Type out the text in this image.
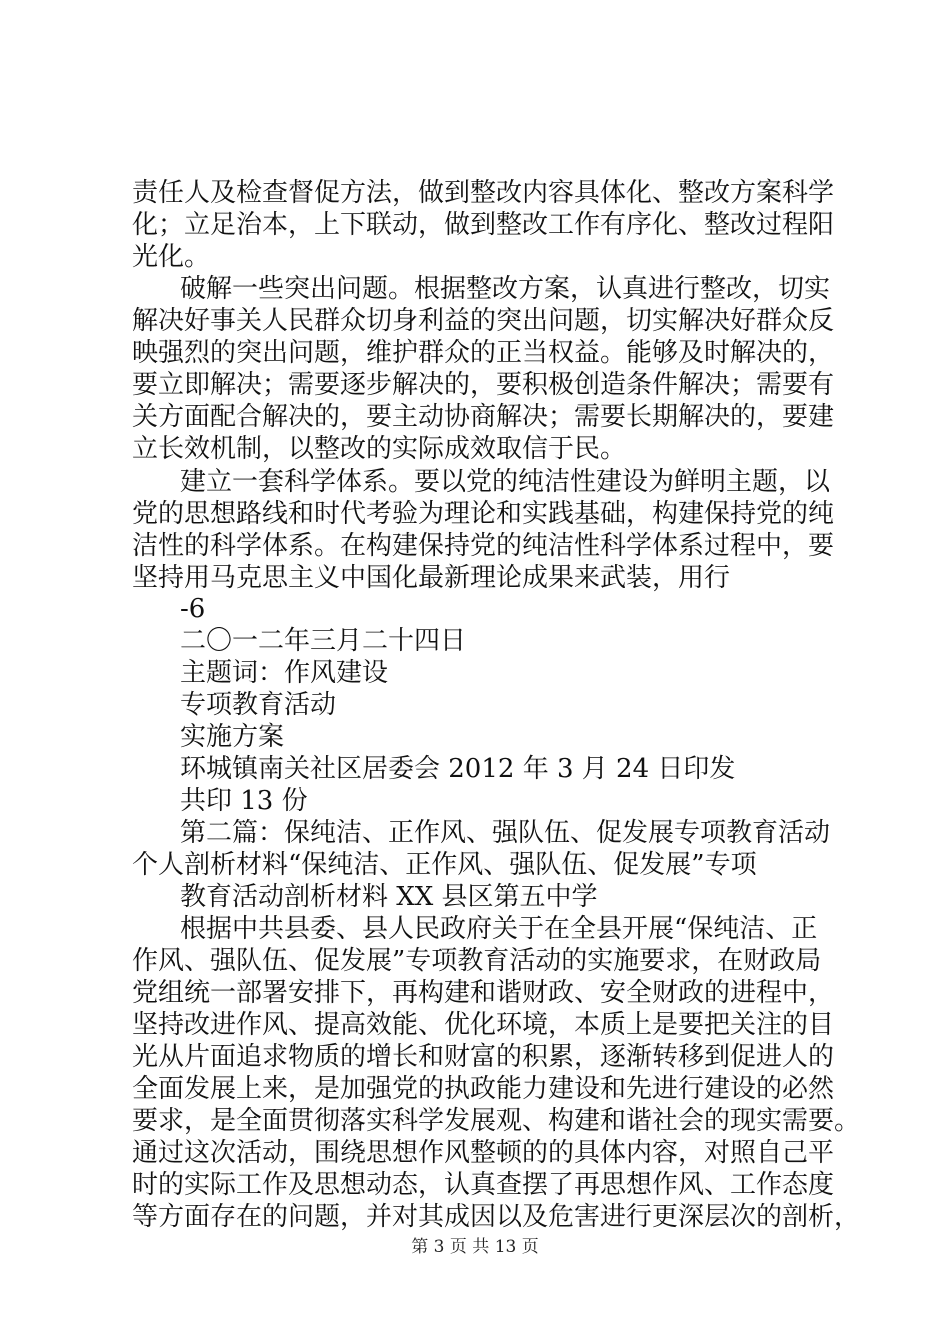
责任人及检查督促方法，做到整改内容具体化、整改方案科学
化；立足治本，上下联动，做到整改工作有序化、整改过程阳
光化。
破解一些突出问题。根据整改方案，认真进行整改，切实
解决好事关人民群众切身利益的突出问题，切实解决好群众反
映强烈的突出问题，维护群众的正当权益。能够及时解决的，
要立即解决；需要逐步解决的，要积极创造条件解决；需要有
关方面配合解决的，要主动协商解决；需要长期解决的，要建
立长效机制，以整改的实际成效取信于民。
建立一套科学体系。要以党的纯洁性建设为鲜明主题，以
党的思想路线和时代考验为理论和实践基础，构建保持党的纯
洁性的科学体系。在构建保持党的纯洁性科学体系过程中，要
坚持用马克思主义中国化最新理论成果来武装，用行
-6
二〇一二年三月二十四日
主题词：作风建设
专项教育活动
实施方案
环城镇南关社区居委会 2012 年 3 月 24 日印发
共印 13 份
第二篇：保纯洁、正作风、强队伍、促发展专项教育活动
个人剖析材料“保纯洁、正作风、强队伍、促发展”专项
教育活动剖析材料 XX 县区第五中学
根据中共县委、县人民政府关于在全县开展“保纯洁、正
作风、强队伍、促发展”专项教育活动的实施要求，在财政局
党组统一部署安排下，再构建和谐财政、安全财政的进程中，
坚持改进作风、提高效能、优化环境，本质上是要把关注的目
光从片面追求物质的增长和财富的积累，逐渐转移到促进人的
全面发展上来，是加强党的执政能力建设和先进行建设的必然
要求，是全面贯彻落实科学发展观、构建和谐社会的现实需要。
通过这次活动，围绕思想作风整顿的的具体内容，对照自己平
时的实际工作及思想动态，认真查摆了再思想作风、工作态度
等方面存在的问题，并对其成因以及危害进行更深层次的剖析，
第 3 页 共 13 页
